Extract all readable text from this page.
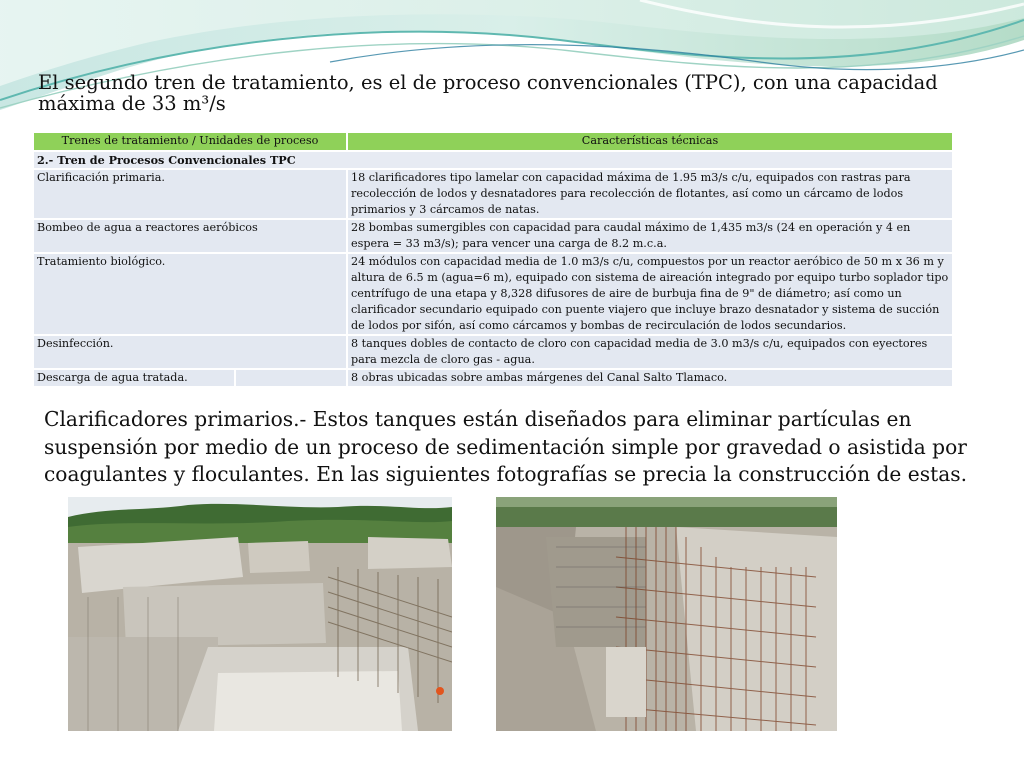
El segundo tren de tratamiento, es el de proceso convencionales (TPC), con una capacidad máxima de 33 m³/s
Trenes de tratamiento / Unidades de proceso		Características técnicas
2.- Tren de Procesos Convencionales TPC		
Clarificación primaria.		18 clarificadores tipo lamelar con capacidad máxima de 1.95 m3/s c/u, equipados con rastras para recolección de lodos y desnatadores para recolección de flotantes, así como un cárcamo de lodos primarios y 3 cárcamos de natas.
Bombeo de agua a reactores aeróbicos		28 bombas sumergibles con capacidad para caudal máximo de 1,435 m3/s (24 en operación y 4 en espera = 33 m3/s); para vencer una carga de 8.2 m.c.a.
Tratamiento biológico.		24 módulos con capacidad media de 1.0 m3/s c/u, compuestos por un reactor aeróbico de 50 m x 36 m y altura de 6.5 m (agua=6 m), equipado con sistema de aireación integrado por equipo turbo soplador tipo centrífugo de una etapa y 8,328 difusores de aire de burbuja fina de 9" de diámetro; así como un clarificador secundario equipado con puente viajero que incluye brazo desnatador y sistema de succión de lodos por sifón, así como cárcamos y bombas de recirculación de lodos secundarios.
Desinfección.		8 tanques dobles de contacto de cloro con capacidad media de 3.0 m3/s c/u, equipados con eyectores para mezcla de cloro gas - agua.
Descarga de agua tratada.		8 obras ubicadas sobre ambas márgenes del Canal Salto Tlamaco.

Clarificadores primarios.- Estos tanques están diseñados para eliminar partículas en suspensión por medio de un proceso de sedimentación simple por gravedad o asistida por coagulantes y floculantes. En las siguientes fotografías se precia la construcción de estas.
